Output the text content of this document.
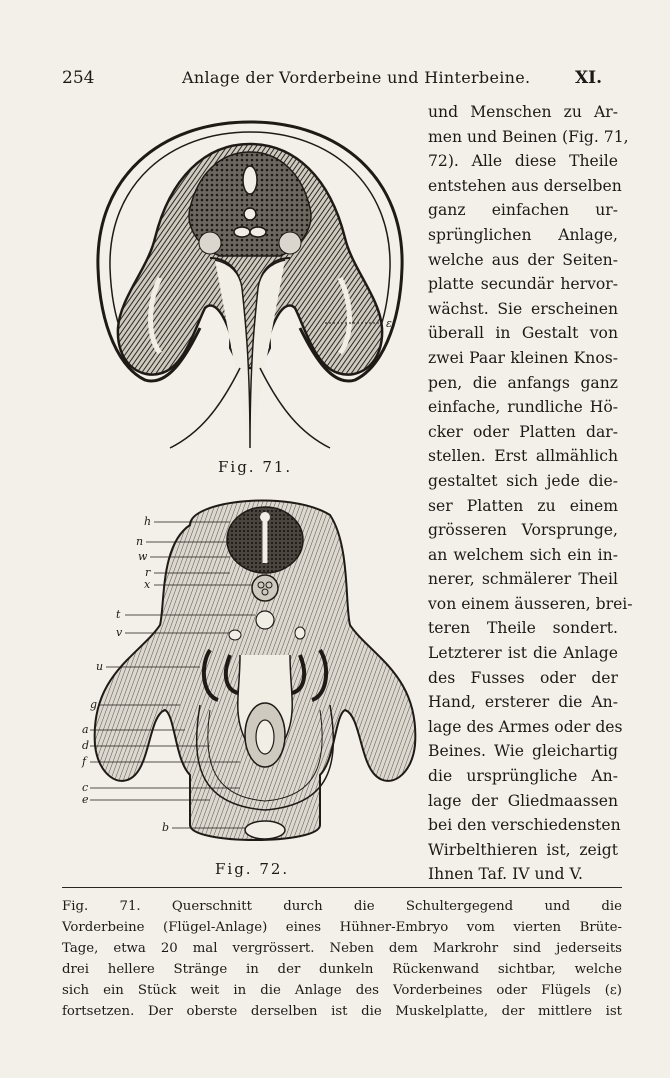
254	Anlage der Vorderbeine und Hinterbeine.	XI.
ε
Fig. 71.
h
n
w
r
x
t
v
u
g
a
d
f
c
e
b
Fig. 72.
und Menschen zu Ar-
men und Beinen (Fig. 71,
72). Alle diese Theile
entstehen aus derselben
ganz einfachen ur-
sprünglichen Anlage,
welche aus der Seiten-
platte secundär hervor-
wächst. Sie erscheinen
überall in Gestalt von
zwei Paar kleinen Knos-
pen, die anfangs ganz
einfache, rundliche Hö-
cker oder Platten dar-
stellen. Erst allmählich
gestaltet sich jede die-
ser Platten zu einem
grösseren Vorsprunge,
an welchem sich ein in-
nerer, schmälerer Theil
von einem äusseren, brei-
teren Theile sondert.
Letzterer ist die Anlage
des Fusses oder der
Hand, ersterer die An-
lage des Armes oder des
Beines. Wie gleichartig
die ursprüngliche An-
lage der Gliedmaassen
bei den verschiedensten
Wirbelthieren ist, zeigt
Ihnen Taf. IV und V.
Fig. 71. Querschnitt durch die Schultergegend und die
Vorderbeine (Flügel-Anlage) eines Hühner-Embryo vom vierten Brüte-
Tage, etwa 20 mal vergrössert. Neben dem Markrohr sind jederseits
drei hellere Stränge in der dunkeln Rückenwand sichtbar, welche
sich ein Stück weit in die Anlage des Vorderbeines oder Flügels (ε)
fortsetzen. Der oberste derselben ist die Muskelplatte, der mittlere ist
